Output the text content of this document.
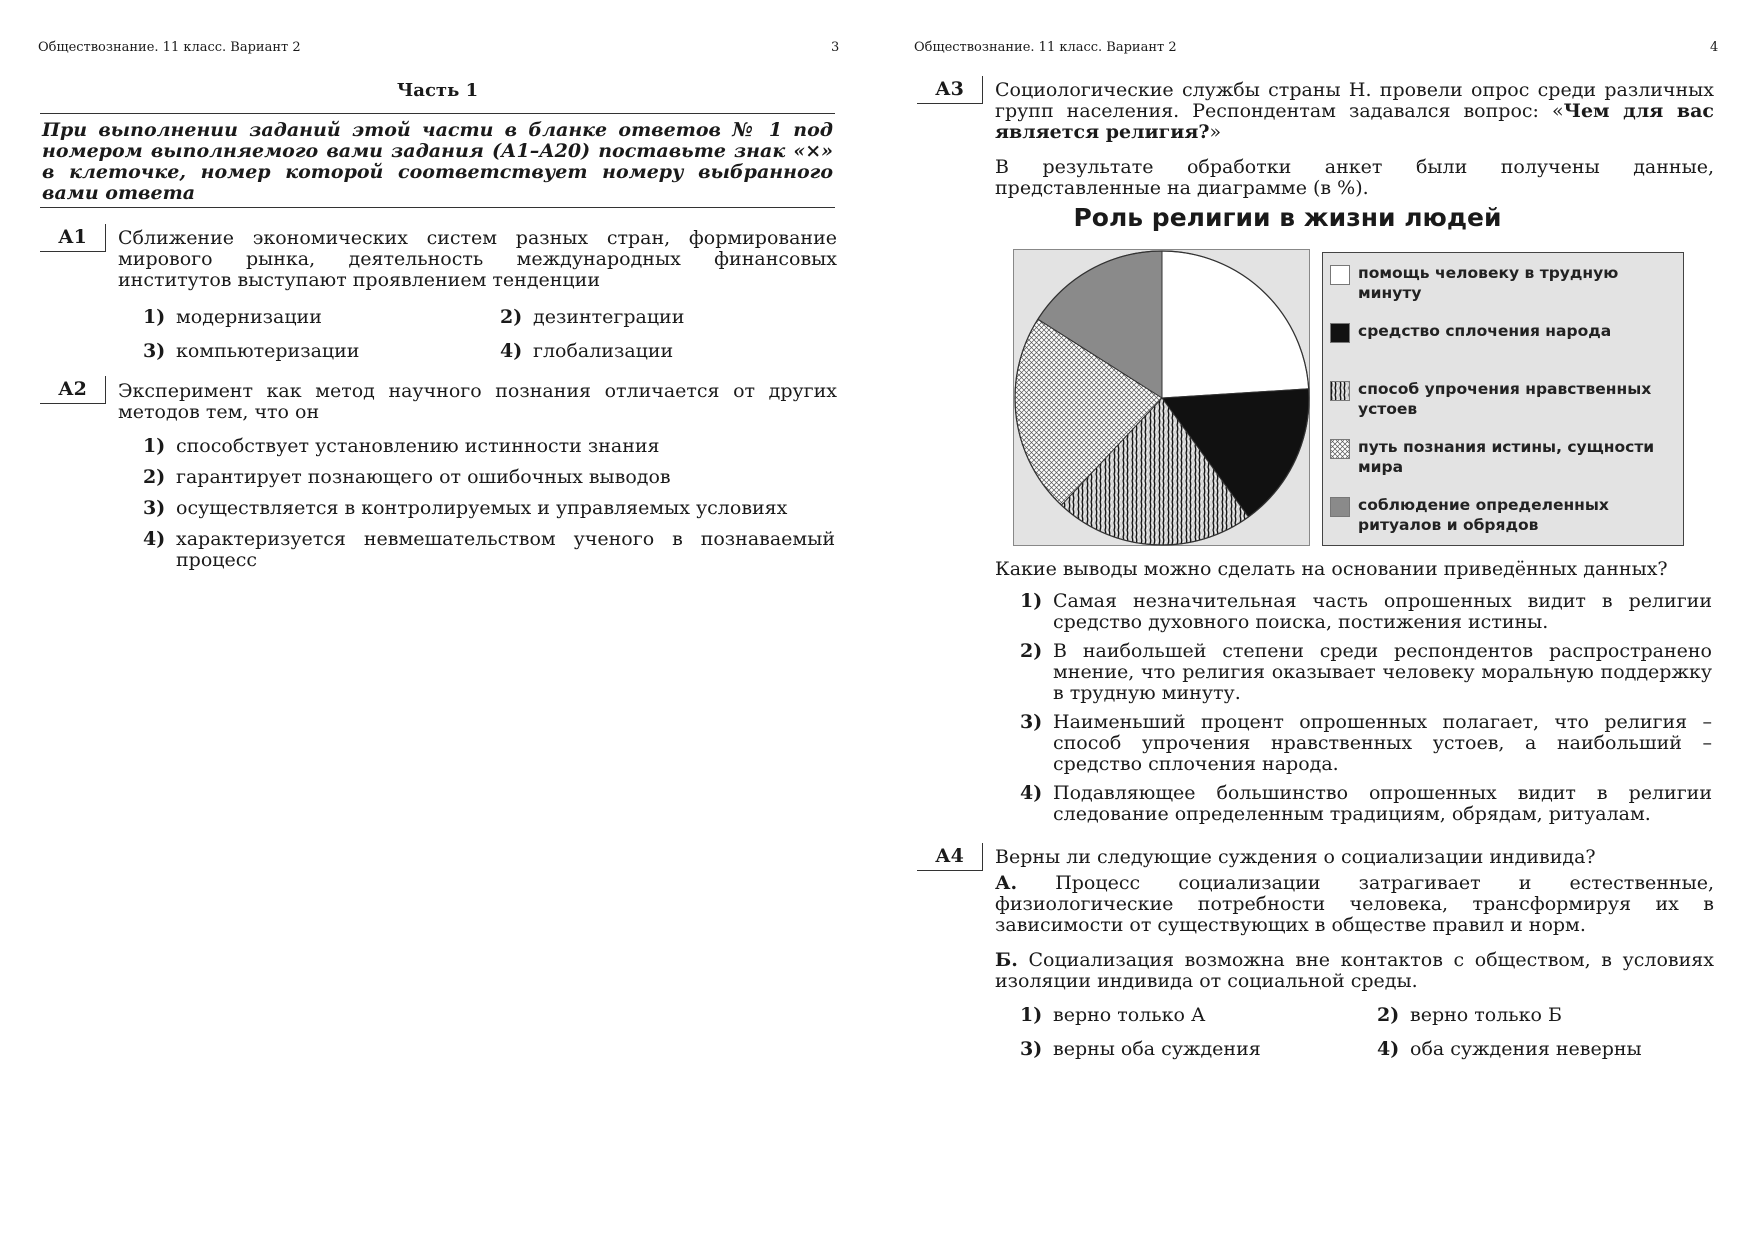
Обществознание. 11 класс. Вариант 2	3
Часть 1

При выполнении заданий этой части в бланке ответов № 1 под номером выполняемого вами задания (А1–А20) поставьте знак «×» в клеточке, номер которой соответствует номеру выбранного вами ответа

А1	Сближение экономических систем разных стран, формирование мирового рынка, деятельность международных финансовых институтов выступают проявлением тенденции

1) модернизации	2) дезинтеграции
3) компьютеризации	4) глобализации
А2	Эксперимент как метод научного познания отличается от других методов тем, что он

1) способствует установлению истинности знания
2) гарантирует познающего от ошибочных выводов
3) осуществляется в контролируемых и управляемых условиях
4) характеризуется невмешательством ученого в познаваемый процесс
Обществознание. 11 класс. Вариант 2	4
А3	Социологические службы страны Н. провели опрос среди различных групп населения. Респондентам задавался вопрос: «Чем для вас является религия?»

В результате обработки анкет были получены данные, представленные на диаграмме (в %).

Роль религии в жизни людей
помощь человеку в трудную минуту
средство сплочения народа
способ упрочения нравственных устоев
путь познания истины, сущности мира
соблюдение определенных ритуалов и обрядов

Какие выводы можно сделать на основании приведённых данных?

1) Самая незначительная часть опрошенных видит в религии средство духовного поиска, постижения истины.
2) В наибольшей степени среди респондентов распространено мнение, что религия оказывает человеку моральную поддержку в трудную минуту.
3) Наименьший процент опрошенных полагает, что религия – способ упрочения нравственных устоев, а наибольший – средство сплочения народа.
4) Подавляющее большинство опрошенных видит в религии следование определенным традициям, обрядам, ритуалам.
А4	Верны ли следующие суждения о социализации индивида?

А. Процесс социализации затрагивает и естественные, физиологические потребности человека, трансформируя их в зависимости от существующих в обществе правил и норм.

Б. Социализация возможна вне контактов с обществом, в условиях изоляции индивида от социальной среды.

1) верно только А	2) верно только Б
3) верны оба суждения	4) оба суждения неверны
